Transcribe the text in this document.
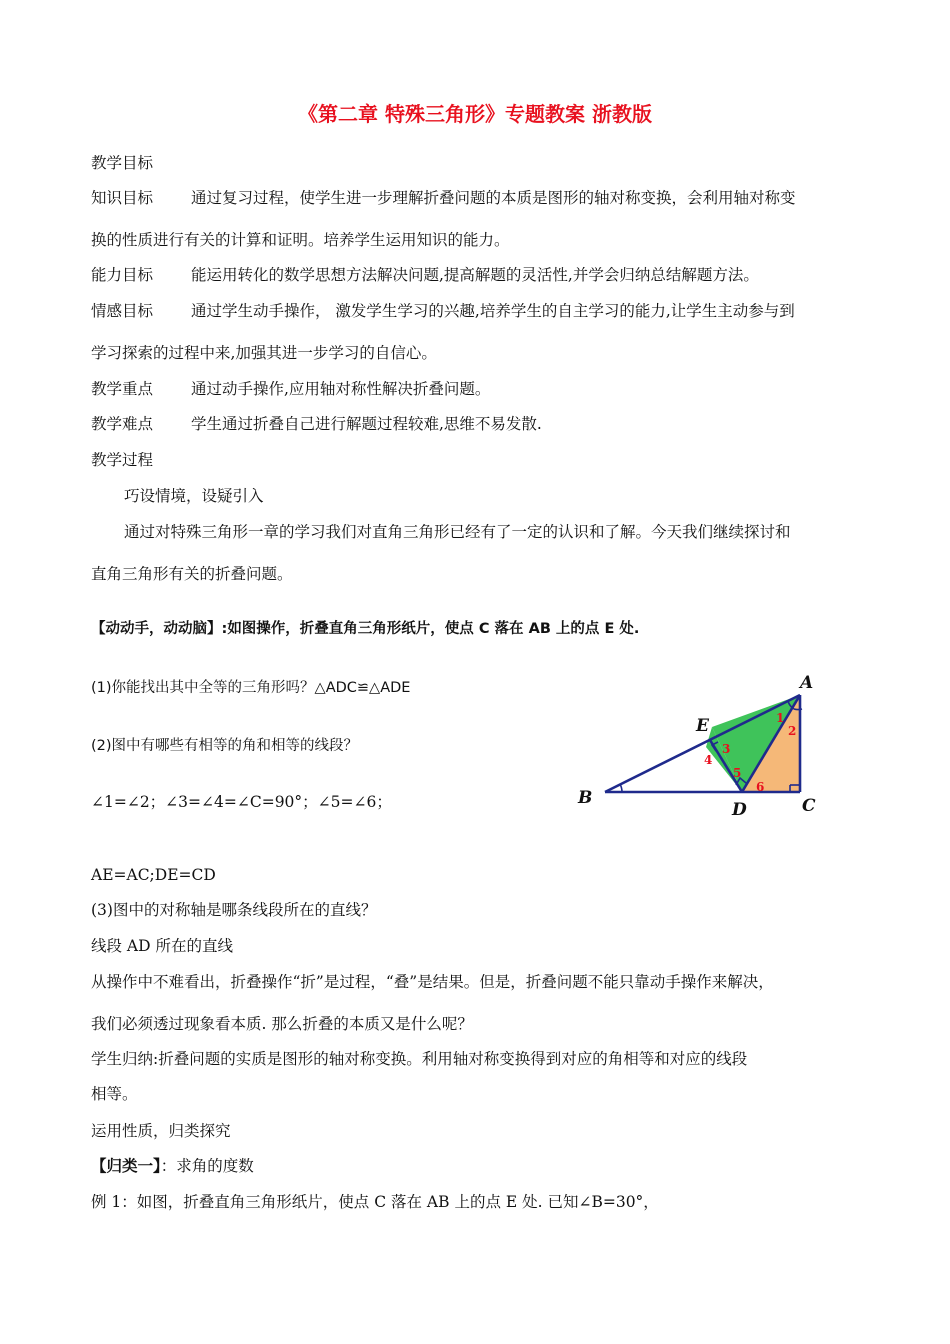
《第二章 特殊三角形》专题教案 浙教版
教学目标
知识目标 通过复习过程，使学生进一步理解折叠问题的本质是图形的轴对称变换，会利用轴对称变
换的性质进行有关的计算和证明。培养学生运用知识的能力。
能力目标 能运用转化的数学思想方法解决问题,提高解题的灵活性,并学会归纳总结解题方法。
情感目标 通过学生动手操作， 激发学生学习的兴趣,培养学生的自主学习的能力,让学生主动参与到
学习探索的过程中来,加强其进一步学习的自信心。
教学重点 通过动手操作,应用轴对称性解决折叠问题。
教学难点 学生通过折叠自己进行解题过程较难,思维不易发散.
教学过程
巧设情境，设疑引入
通过对特殊三角形一章的学习我们对直角三角形已经有了一定的认识和了解。今天我们继续探讨和
直角三角形有关的折叠问题。
【动动手，动动脑】:如图操作，折叠直角三角形纸片，使点 C 落在 AB 上的点 E 处.
(1)你能找出其中全等的三角形吗？△ADC≌△ADE
(2)图中有哪些有相等的角和相等的线段？
∠1=∠2；∠3=∠4=∠C=90°；∠5=∠6；
1
2
3
4
5
6
A
B	C
D
E
AE=AC;DE=CD
(3)图中的对称轴是哪条线段所在的直线？
线段 AD 所在的直线
从操作中不难看出，折叠操作“折”是过程，“叠”是结果。但是，折叠问题不能只靠动手操作来解决，
我们必须透过现象看本质. 那么折叠的本质又是什么呢？
学生归纳:折叠问题的实质是图形的轴对称变换。利用轴对称变换得到对应的角相等和对应的线段
相等。
运用性质，归类探究
【归类一】：求角的度数
例 1：如图，折叠直角三角形纸片，使点 C 落在 AB 上的点 E 处. 已知∠B=30°，
